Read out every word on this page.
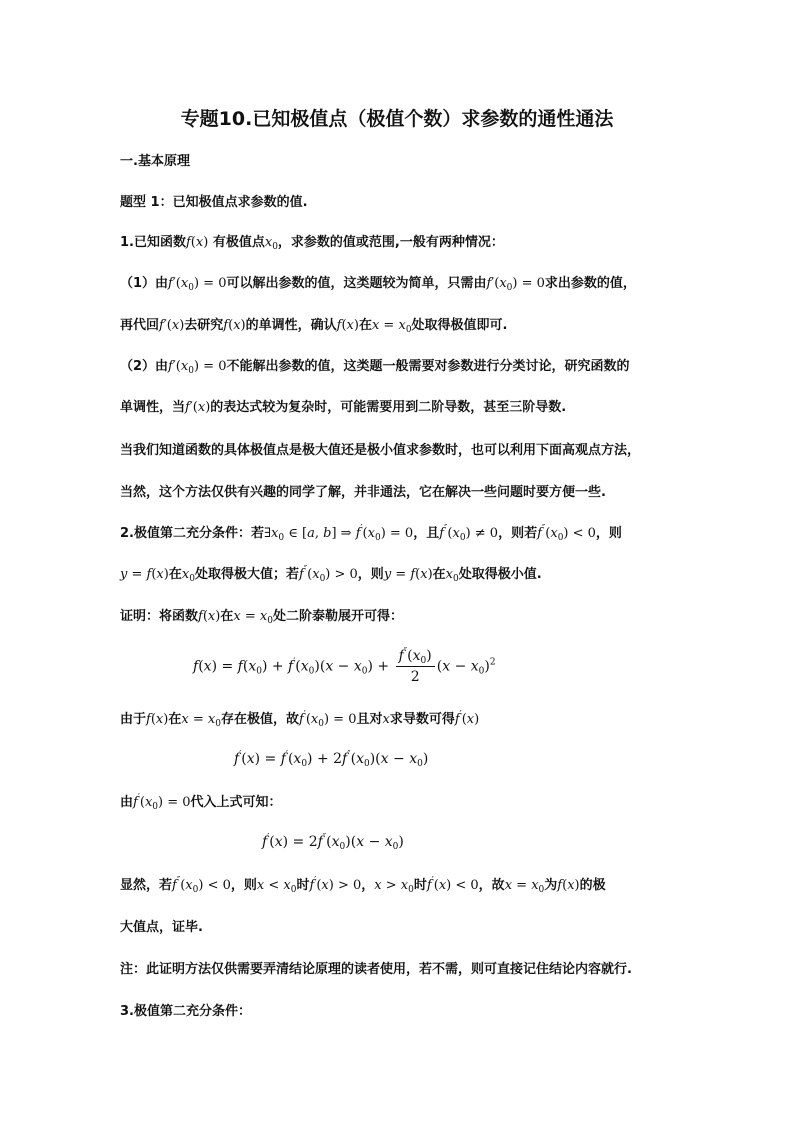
专题10.已知极值点（极值个数）求参数的通性通法
一.基本原理
题型 1：已知极值点求参数的值.
1.已知函数f(x) 有极值点$x_0$，求参数的值或范围,一般有两种情况：
（1）由$f'(x_0) = 0$可以解出参数的值，这类题较为简单，只需由$f'(x_0) = 0$求出参数的值，
再代回f′(x)去研究f(x)的单调性，确认f(x)在$x = x_0$处取得极值即可.
（2）由$f'(x_0) = 0$不能解出参数的值，这类题一般需要对参数进行分类讨论，研究函数的
单调性，当f′(x)的表达式较为复杂时，可能需要用到二阶导数，甚至三阶导数.
当我们知道函数的具体极值点是极大值还是极小值求参数时，也可以利用下面高观点方法，
当然，这个方法仅供有兴趣的同学了解，并非通法，它在解决一些问题时要方便一些.
2.极值第二充分条件：若$\exists x_0$ ∈ [a, b] ⇒ $f'(x_0) = 0$，且$f''(x_0) \ne 0$，则若$f''(x_0) < 0$，则
y = f(x)在$x_0$处取得极大值；若$f''(x_0) > 0$，则y = f(x)在$x_0$处取得极小值.
证明：将函数f(x)在$x = x_0$处二阶泰勒展开可得：
$f(x) = f(x_0) + f'(x_0)(x - x_0) + \frac{f''(x_0)}{2} (x - x_0)^2$
由于f(x)在$x = x_0$存在极值，故$f'(x_0) = 0$且对x求导数可得f′(x)
$f'(x) = f'(x_0) + 2f''(x_0)(x - x_0)$
由$f'(x_0) = 0$代入上式可知：
$f'(x) = 2f''(x_0)(x - x_0)$
显然，若$f''(x_0) < 0$，则$x < x_0$时f′(x) > 0，$x > x_0$时f′(x) < 0，故$x = x_0$为f(x)的极
大值点，证毕.
注：此证明方法仅供需要弄清结论原理的读者使用，若不需，则可直接记住结论内容就行.
3.极值第二充分条件：
